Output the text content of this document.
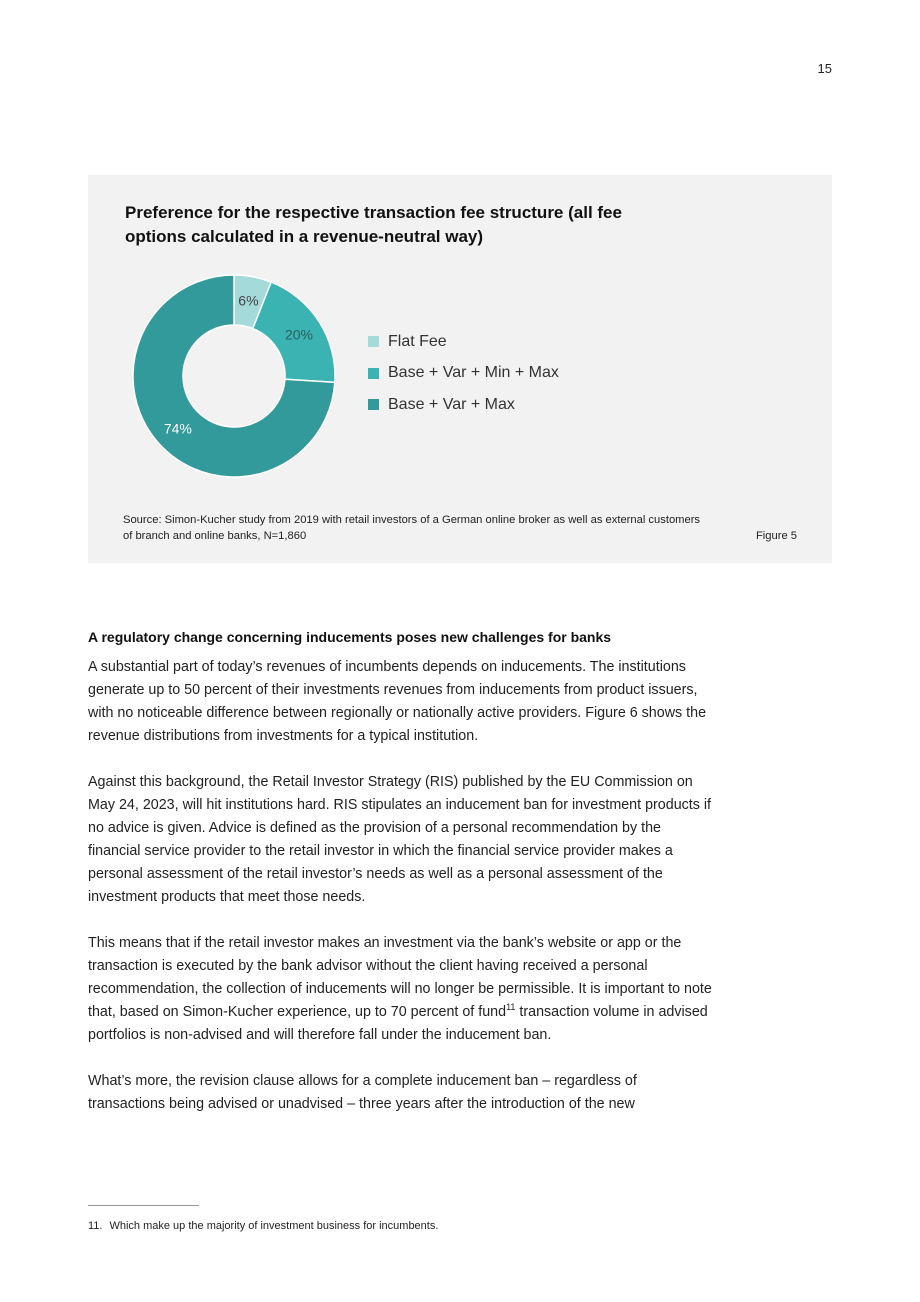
15
Preference for the respective transaction fee structure (all fee options calculated in a revenue-neutral way)
6%
20%
74%
Flat Fee
Base + Var + Min + Max
Base + Var + Max
Source: Simon-Kucher study from 2019 with retail investors of a German online broker as well as external customers of branch and online banks, N=1,860	Figure 5
A regulatory change concerning inducements poses new challenges for banks

A substantial part of today’s revenues of incumbents depends on inducements. The institutions generate up to 50 percent of their investments revenues from inducements from product issuers, with no noticeable difference between regionally or nationally active providers. Figure 6 shows the revenue distributions from investments for a typical institution.

Against this background, the Retail Investor Strategy (RIS) published by the EU Commission on May 24, 2023, will hit institutions hard. RIS stipulates an inducement ban for investment products if no advice is given. Advice is defined as the provision of a personal recommendation by the financial service provider to the retail investor in which the financial service provider makes a personal assessment of the retail investor’s needs as well as a personal assessment of the investment products that meet those needs.

This means that if the retail investor makes an investment via the bank’s website or app or the transaction is executed by the bank advisor without the client having received a personal recommendation, the collection of inducements will no longer be permissible. It is important to note that, based on Simon-Kucher experience, up to 70 percent of fund$^{11}$ transaction volume in advised portfolios is non-advised and will therefore fall under the inducement ban.

What’s more, the revision clause allows for a complete inducement ban – regardless of transactions being advised or unadvised – three years after the introduction of the new

11. Which make up the majority of investment business for incumbents.
